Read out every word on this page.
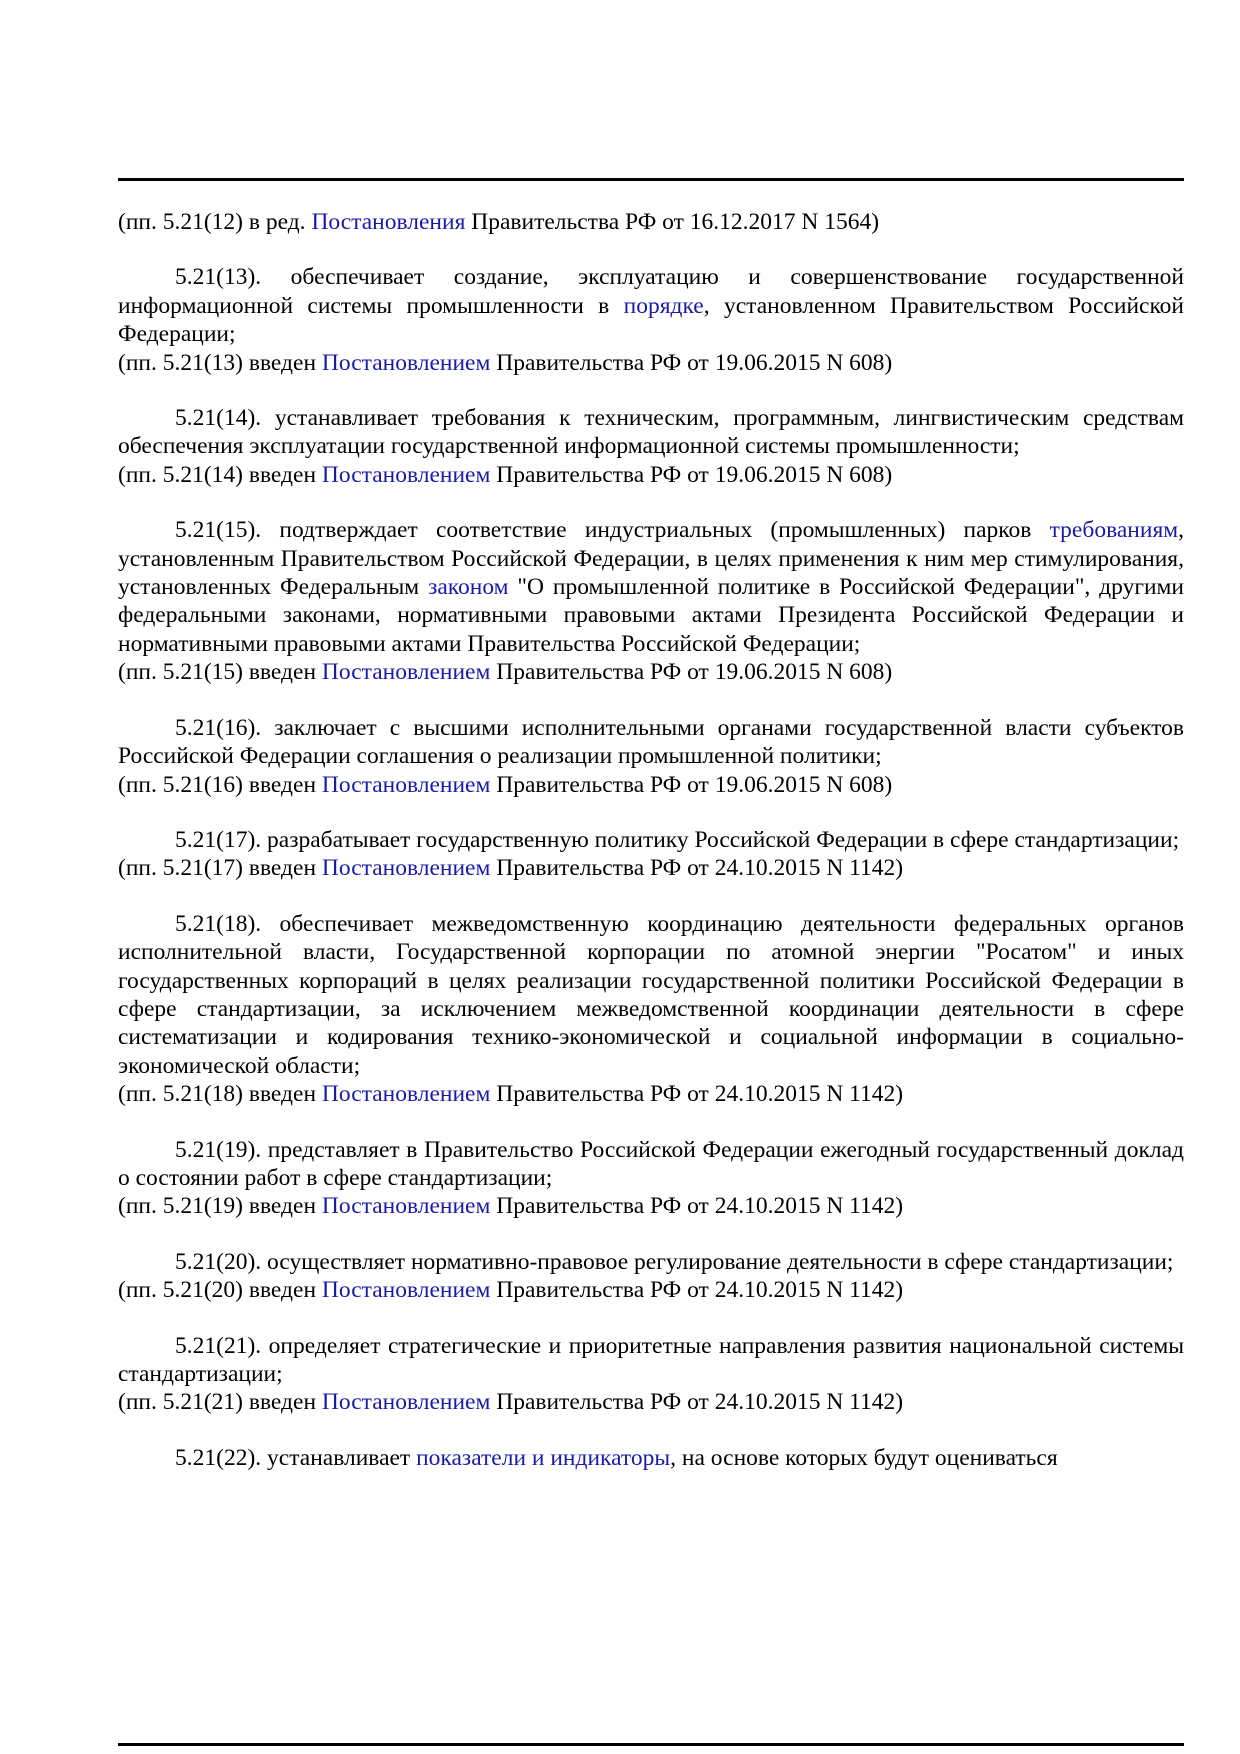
(пп. 5.21(12) в ред. Постановления Правительства РФ от 16.12.2017 N 1564)

5.21(13). обеспечивает создание, эксплуатацию и совершенствование государственной информационной системы промышленности в порядке, установленном Правительством Российской Федерации;

(пп. 5.21(13) введен Постановлением Правительства РФ от 19.06.2015 N 608)

5.21(14). устанавливает требования к техническим, программным, лингвистическим средствам обеспечения эксплуатации государственной информационной системы промышленности;

(пп. 5.21(14) введен Постановлением Правительства РФ от 19.06.2015 N 608)

5.21(15). подтверждает соответствие индустриальных (промышленных) парков требованиям, установленным Правительством Российской Федерации, в целях применения к ним мер стимулирования, установленных Федеральным законом "О промышленной политике в Российской Федерации", другими федеральными законами, нормативными правовыми актами Президента Российской Федерации и нормативными правовыми актами Правительства Российской Федерации;

(пп. 5.21(15) введен Постановлением Правительства РФ от 19.06.2015 N 608)

5.21(16). заключает с высшими исполнительными органами государственной власти субъектов Российской Федерации соглашения о реализации промышленной политики;

(пп. 5.21(16) введен Постановлением Правительства РФ от 19.06.2015 N 608)

5.21(17). разрабатывает государственную политику Российской Федерации в сфере стандартизации;

(пп. 5.21(17) введен Постановлением Правительства РФ от 24.10.2015 N 1142)

5.21(18). обеспечивает межведомственную координацию деятельности федеральных органов исполнительной власти, Государственной корпорации по атомной энергии "Росатом" и иных государственных корпораций в целях реализации государственной политики Российской Федерации в сфере стандартизации, за исключением межведомственной координации деятельности в сфере систематизации и кодирования технико-экономической и социальной информации в социально-экономической области;

(пп. 5.21(18) введен Постановлением Правительства РФ от 24.10.2015 N 1142)

5.21(19). представляет в Правительство Российской Федерации ежегодный государственный доклад о состоянии работ в сфере стандартизации;

(пп. 5.21(19) введен Постановлением Правительства РФ от 24.10.2015 N 1142)

5.21(20). осуществляет нормативно-правовое регулирование деятельности в сфере стандартизации;

(пп. 5.21(20) введен Постановлением Правительства РФ от 24.10.2015 N 1142)

5.21(21). определяет стратегические и приоритетные направления развития национальной системы стандартизации;

(пп. 5.21(21) введен Постановлением Правительства РФ от 24.10.2015 N 1142)

5.21(22). устанавливает показатели и индикаторы, на основе которых будут оцениваться
